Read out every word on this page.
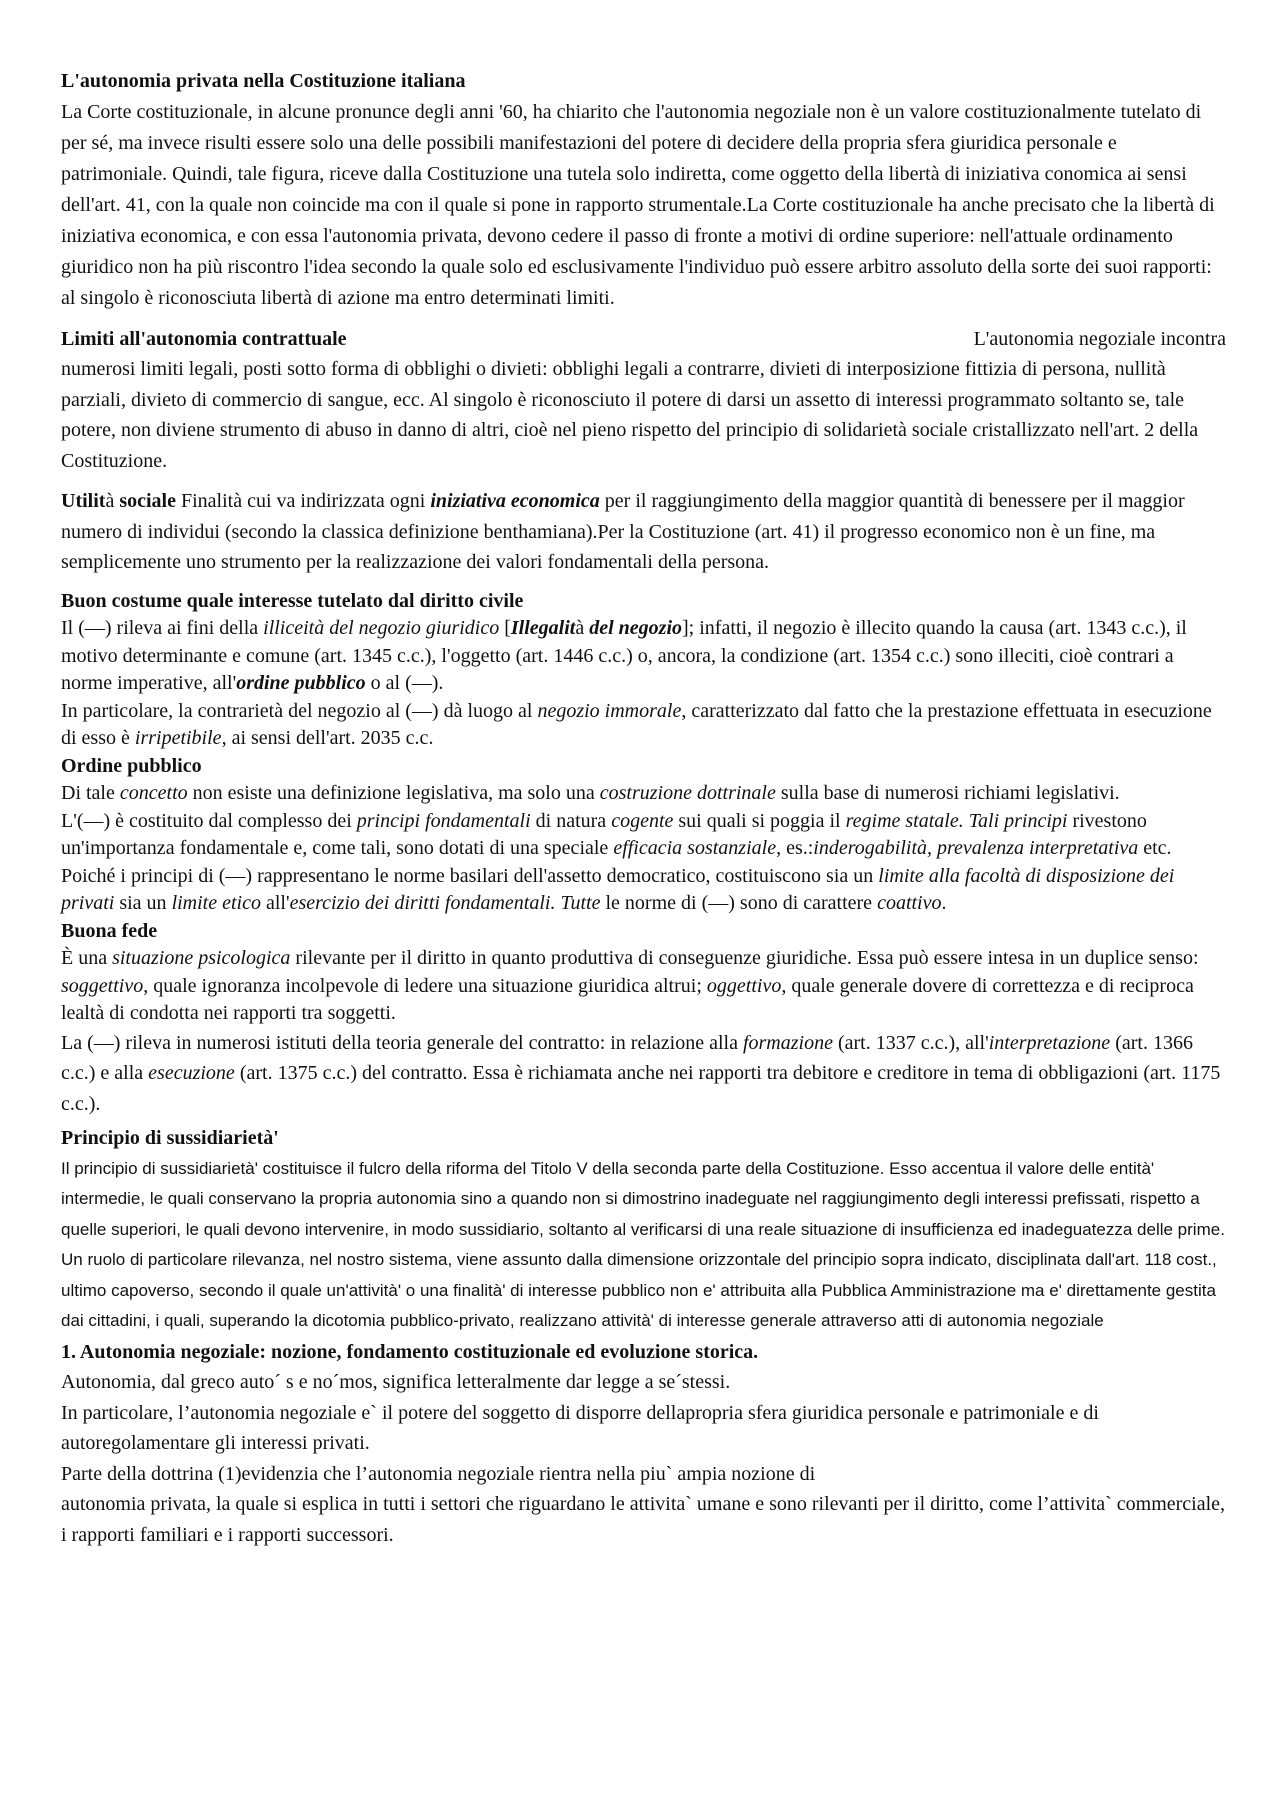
L'autonomia privata nella Costituzione italiana

La Corte costituzionale, in alcune pronunce degli anni '60, ha chiarito che l'autonomia negoziale non è un valore costituzionalmente tutelato di per sé, ma invece risulti essere solo una delle possibili manifestazioni del potere di decidere della propria sfera giuridica personale e patrimoniale. Quindi, tale figura, riceve dalla Costituzione una tutela solo indiretta, come oggetto della libertà di iniziativa conomica ai sensi dell'art. 41, con la quale non coincide ma con il quale si pone in rapporto strumentale.La Corte costituzionale ha anche precisato che la libertà di iniziativa economica, e con essa l'autonomia privata, devono cedere il passo di fronte a motivi di ordine superiore: nell'attuale ordinamento giuridico non ha più riscontro l'idea secondo la quale solo ed esclusivamente l'individuo può essere arbitro assoluto della sorte dei suoi rapporti: al singolo è riconosciuta libertà di azione ma entro determinati limiti.

Limiti all'autonomia contrattuale	L'autonomia negoziale incontra

numerosi limiti legali, posti sotto forma di obblighi o divieti: obblighi legali a contrarre, divieti di interposizione fittizia di persona, nullità parziali, divieto di commercio di sangue, ecc. Al singolo è riconosciuto il potere di darsi un assetto di interessi programmato soltanto se, tale potere, non diviene strumento di abuso in danno di altri, cioè nel pieno rispetto del principio di solidarietà sociale cristallizzato nell'art. 2 della Costituzione.

Utilità sociale Finalità cui va indirizzata ogni iniziativa economica per il raggiungimento della maggior quantità di benessere per il maggior numero di individui (secondo la classica definizione benthamiana).Per la Costituzione (art. 41) il progresso economico non è un fine, ma semplicemente uno strumento per la realizzazione dei valori fondamentali della persona.

Buon costume quale interesse tutelato dal diritto civile

Il (—) rileva ai fini della illiceità del negozio giuridico [Illegalità del negozio]; infatti, il negozio è illecito quando la causa (art. 1343 c.c.), il motivo determinante e comune (art. 1345 c.c.), l'oggetto (art. 1446 c.c.) o, ancora, la condizione (art. 1354 c.c.) sono illeciti, cioè contrari a norme imperative, all'ordine pubblico o al (—).

In particolare, la contrarietà del negozio al (—) dà luogo al negozio immorale, caratterizzato dal fatto che la prestazione effettuata in esecuzione di esso è irripetibile, ai sensi dell'art. 2035 c.c.

Ordine pubblico

Di tale concetto non esiste una definizione legislativa, ma solo una costruzione dottrinale sulla base di numerosi richiami legislativi.

L'(—) è costituito dal complesso dei principi fondamentali di natura cogente sui quali si poggia il regime statale. Tali principi rivestono un'importanza fondamentale e, come tali, sono dotati di una speciale efficacia sostanziale, es.:inderogabilità, prevalenza interpretativa etc.

Poiché i principi di (—) rappresentano le norme basilari dell'assetto democratico, costituiscono sia un limite alla facoltà di disposizione dei privati sia un limite etico all'esercizio dei diritti fondamentali. Tutte le norme di (—) sono di carattere coattivo.

Buona fede

È una situazione psicologica rilevante per il diritto in quanto produttiva di conseguenze giuridiche. Essa può essere intesa in un duplice senso: soggettivo, quale ignoranza incolpevole di ledere una situazione giuridica altrui; oggettivo, quale generale dovere di correttezza e di reciproca lealtà di condotta nei rapporti tra soggetti.

La (—) rileva in numerosi istituti della teoria generale del contratto: in relazione alla formazione (art. 1337 c.c.), all'interpretazione (art. 1366 c.c.) e alla esecuzione (art. 1375 c.c.) del contratto. Essa è richiamata anche nei rapporti tra debitore e creditore in tema di obbligazioni (art. 1175 c.c.).

Principio di sussidiarietà'

Il principio di sussidiarietà' costituisce il fulcro della riforma del Titolo V della seconda parte della Costituzione. Esso accentua il valore delle entità' intermedie, le quali conservano la propria autonomia sino a quando non si dimostrino inadeguate nel raggiungimento degli interessi prefissati, rispetto a quelle superiori, le quali devono intervenire, in modo sussidiario, soltanto al verificarsi di una reale situazione di insufficienza ed inadeguatezza delle prime. Un ruolo di particolare rilevanza, nel nostro sistema, viene assunto dalla dimensione orizzontale del principio sopra indicato, disciplinata dall'art. 118 cost., ultimo capoverso, secondo il quale un'attività' o una finalità' di interesse pubblico non e' attribuita alla Pubblica Amministrazione ma e' direttamente gestita dai cittadini, i quali, superando la dicotomia pubblico-privato, realizzano attività' di interesse generale attraverso atti di autonomia negoziale

1. Autonomia negoziale: nozione, fondamento costituzionale ed evoluzione storica.

Autonomia, dal greco auto´ s e no´mos, significa letteralmente dar legge a se´stessi.

In particolare, l’autonomia negoziale e` il potere del soggetto di disporre dellapropria sfera giuridica personale e patrimoniale e di autoregolamentare gli interessi privati.

Parte della dottrina (1)evidenzia che l’autonomia negoziale rientra nella piu` ampia nozione di

autonomia privata, la quale si esplica in tutti i settori che riguardano le attivita` umane e sono rilevanti per il diritto, come l’attivita` commerciale, i rapporti familiari e i rapporti successori.
